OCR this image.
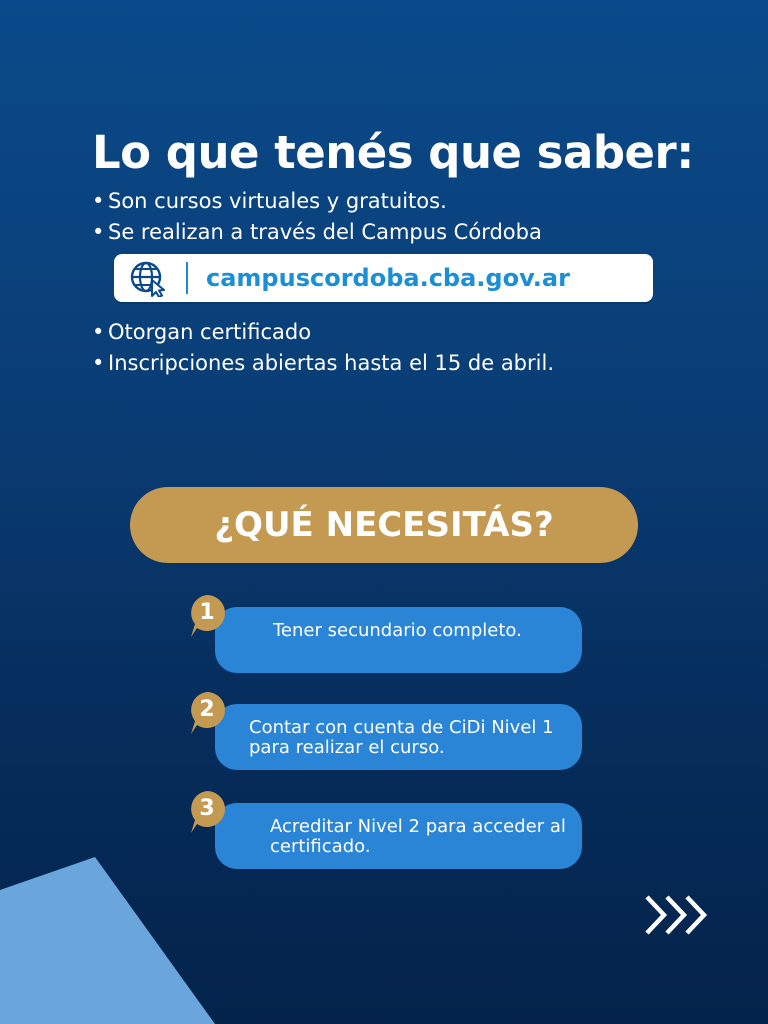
Lo que tenés que saber:
• Son cursos virtuales y gratuitos.
• Se realizan a través del Campus Córdoba
campuscordoba.cba.gov.ar
• Otorgan certificado
• Inscripciones abiertas hasta el 15 de abril.
¿QUÉ NECESITÁS?
1
Tener secundario completo.
2
Contar con cuenta de CiDi Nivel 1 para realizar el curso.
3
Acreditar Nivel 2 para acceder al certificado.
